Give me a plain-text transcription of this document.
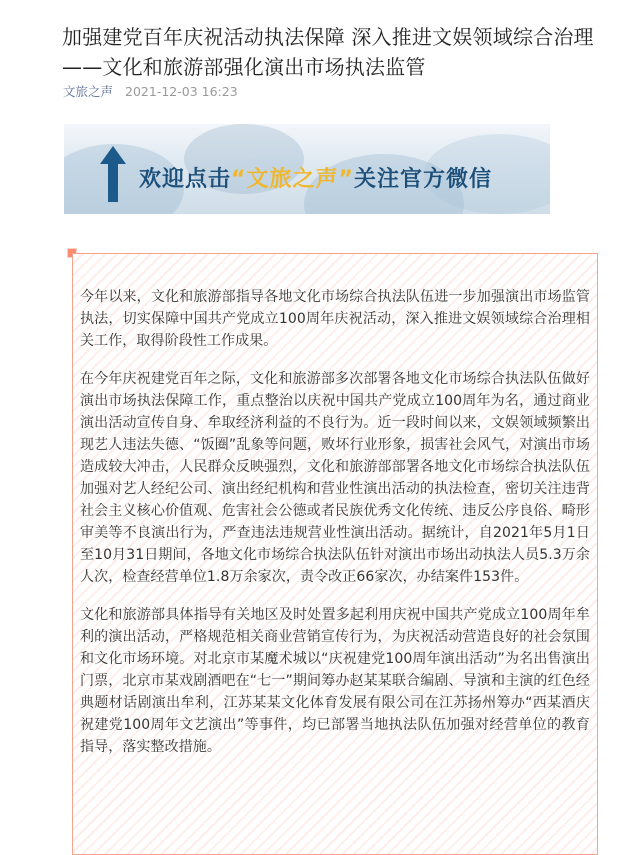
加强建党百年庆祝活动执法保障 深入推进文娱领域综合治理——文化和旅游部强化演出市场执法监管
文旅之声 2021-12-03 16:23
欢迎点击“文旅之声”关注官方微信

今年以来，文化和旅游部指导各地文化市场综合执法队伍进一步加强演出市场监管执法，切实保障中国共产党成立100周年庆祝活动，深入推进文娱领域综合治理相关工作，取得阶段性工作成果。

在今年庆祝建党百年之际，文化和旅游部多次部署各地文化市场综合执法队伍做好演出市场执法保障工作，重点整治以庆祝中国共产党成立100周年为名，通过商业演出活动宣传自身、牟取经济利益的不良行为。近一段时间以来，文娱领域频繁出现艺人违法失德、“饭圈”乱象等问题，败坏行业形象，损害社会风气，对演出市场造成较大冲击，人民群众反映强烈，文化和旅游部部署各地文化市场综合执法队伍加强对艺人经纪公司、演出经纪机构和营业性演出活动的执法检查，密切关注违背社会主义核心价值观、危害社会公德或者民族优秀文化传统、违反公序良俗、畸形审美等不良演出行为，严查违法违规营业性演出活动。据统计，自2021年5月1日至10月31日期间，各地文化市场综合执法队伍针对演出市场出动执法人员5.3万余人次，检查经营单位1.8万余家次，责令改正66家次，办结案件153件。

文化和旅游部具体指导有关地区及时处置多起利用庆祝中国共产党成立100周年牟利的演出活动，严格规范相关商业营销宣传行为，为庆祝活动营造良好的社会氛围和文化市场环境。对北京市某魔术城以“庆祝建党100周年演出活动”为名出售演出门票，北京市某戏剧酒吧在“七一”期间筹办赵某某联合编剧、导演和主演的红色经典题材话剧演出牟利，江苏某某文化体育发展有限公司在江苏扬州筹办“西某酒庆祝建党100周年文艺演出”等事件，均已部署当地执法队伍加强对经营单位的教育指导，落实整改措施。
